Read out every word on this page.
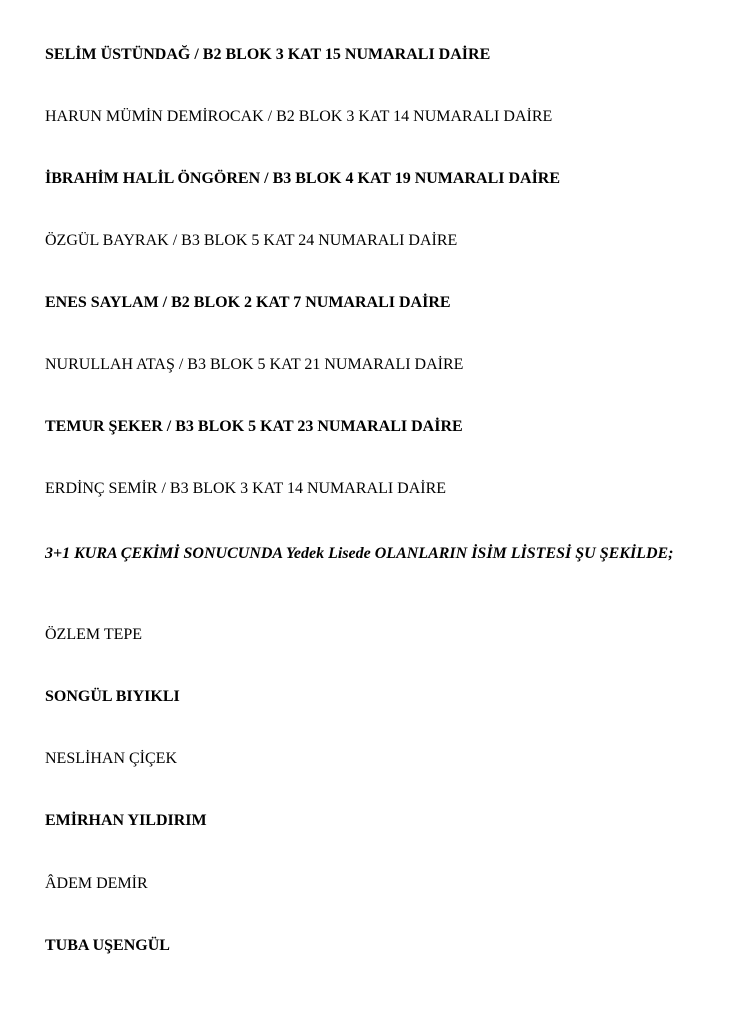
SELİM ÜSTÜNDAĞ / B2 BLOK 3 KAT 15 NUMARALI DAİRE

HARUN MÜMİN DEMİROCAK / B2 BLOK 3 KAT 14 NUMARALI DAİRE

İBRAHİM HALİL ÖNGÖREN / B3 BLOK 4 KAT 19 NUMARALI DAİRE

ÖZGÜL BAYRAK / B3 BLOK 5 KAT 24 NUMARALI DAİRE

ENES SAYLAM / B2 BLOK 2 KAT 7 NUMARALI DAİRE

NURULLAH ATAŞ / B3 BLOK 5 KAT 21 NUMARALI DAİRE

TEMUR ŞEKER / B3 BLOK 5 KAT 23 NUMARALI DAİRE

ERDİNÇ SEMİR / B3 BLOK 3 KAT 14 NUMARALI DAİRE

3+1 KURA ÇEKİMİ SONUCUNDA Yedek Lisede OLANLARIN İSİM LİSTESİ ŞU ŞEKİLDE;

ÖZLEM TEPE

SONGÜL BIYIKLI

NESLİHAN ÇİÇEK

EMİRHAN YILDIRIM

ÂDEM DEMİR

TUBA UŞENGÜL
